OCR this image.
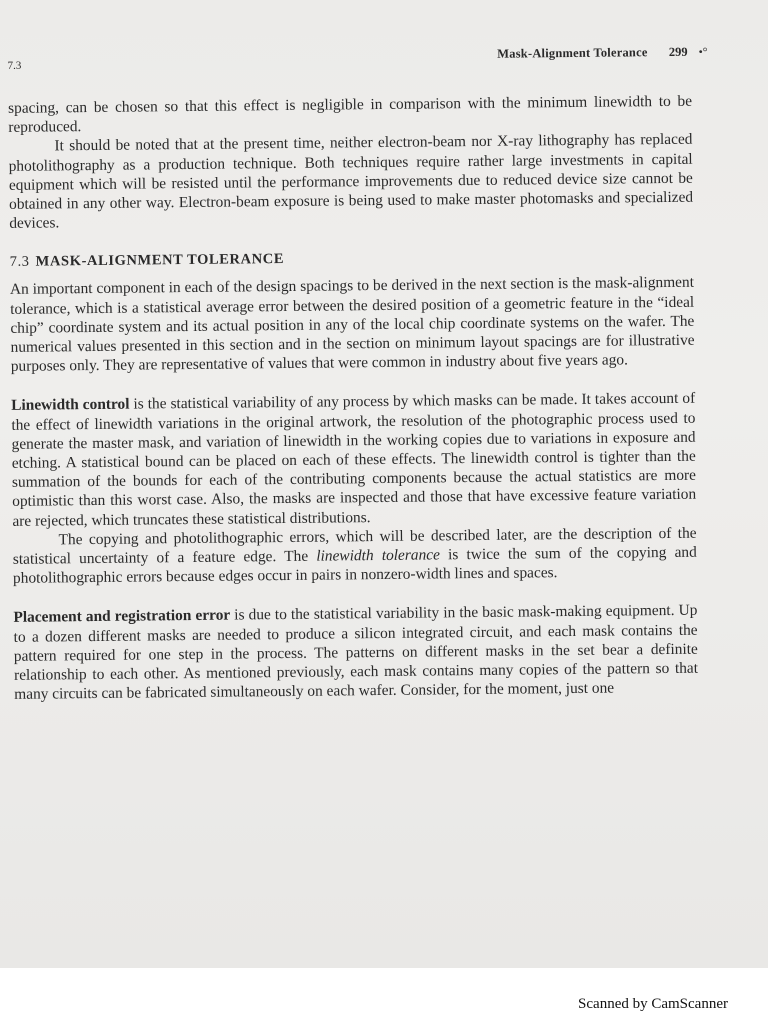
7.3
Mask-Alignment Tolerance 299 •°

spacing, can be chosen so that this effect is negligible in comparison with the minimum linewidth to be reproduced.

It should be noted that at the present time, neither electron-beam nor X-ray lithography has replaced photolithography as a production technique. Both techniques require rather large investments in capital equipment which will be resisted until the performance improvements due to reduced device size cannot be obtained in any other way. Electron-beam exposure is being used to make master photomasks and specialized devices.

7.3 MASK-ALIGNMENT TOLERANCE

An important component in each of the design spacings to be derived in the next section is the mask-alignment tolerance, which is a statistical average error between the desired position of a geometric feature in the “ideal chip” coordinate system and its actual position in any of the local chip coordinate systems on the wafer. The numerical values presented in this section and in the section on minimum layout spacings are for illustrative purposes only. They are representative of values that were common in industry about five years ago.

Linewidth control is the statistical variability of any process by which masks can be made. It takes account of the effect of linewidth variations in the original artwork, the resolution of the photographic process used to generate the master mask, and variation of linewidth in the working copies due to variations in exposure and etching. A statistical bound can be placed on each of these effects. The linewidth control is tighter than the summation of the bounds for each of the contributing components because the actual statistics are more optimistic than this worst case. Also, the masks are inspected and those that have excessive feature variation are rejected, which truncates these statistical distributions.

The copying and photolithographic errors, which will be described later, are the description of the statistical uncertainty of a feature edge. The linewidth tolerance is twice the sum of the copying and photolithographic errors because edges occur in pairs in nonzero-width lines and spaces.

Placement and registration error is due to the statistical variability in the basic mask-making equipment. Up to a dozen different masks are needed to produce a silicon integrated circuit, and each mask contains the pattern required for one step in the process. The patterns on different masks in the set bear a definite relationship to each other. As mentioned previously, each mask contains many copies of the pattern so that many circuits can be fabricated simultaneously on each wafer. Consider, for the moment, just one

Scanned by CamScanner
